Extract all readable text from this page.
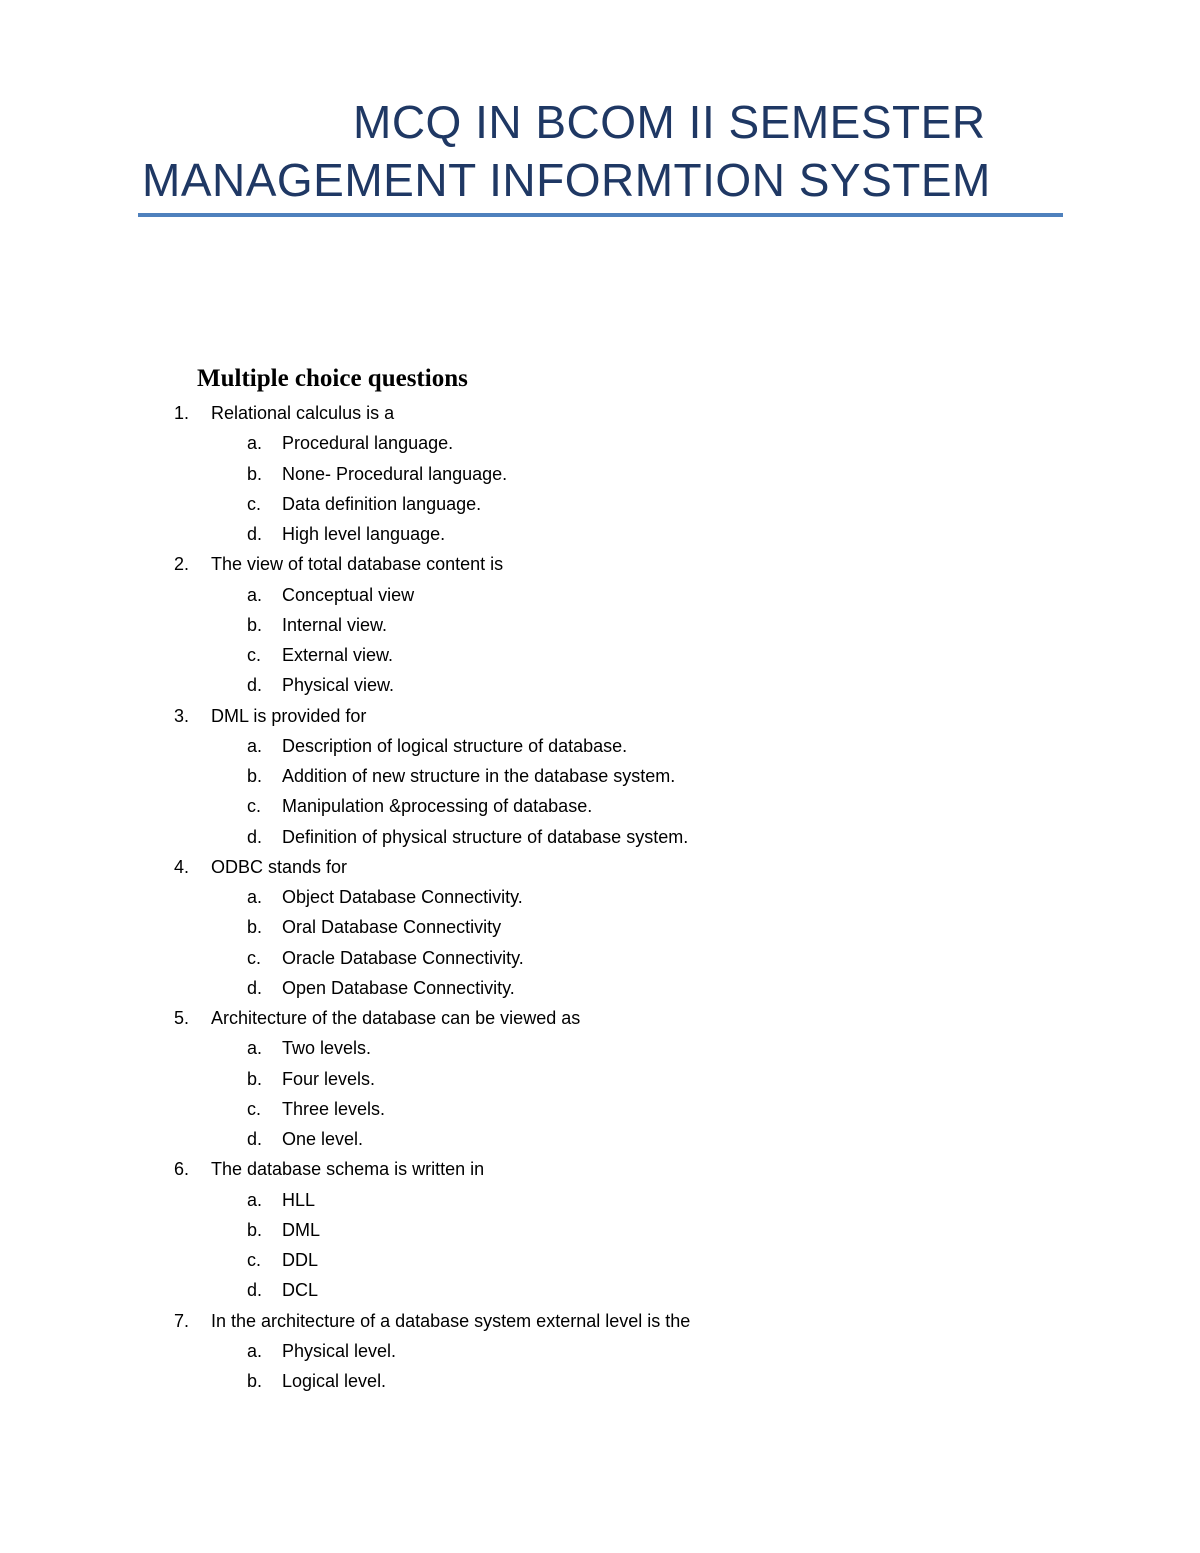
MCQ IN BCOM II SEMESTER
MANAGEMENT INFORMTION SYSTEM
Multiple choice questions
1. Relational calculus is a
a. Procedural language.
b. None- Procedural language.
c. Data definition language.
d. High level language.
2. The view of total database content is
a. Conceptual view
b. Internal view.
c. External view.
d. Physical view.
3. DML is provided for
a. Description of logical structure of database.
b. Addition of new structure in the database system.
c. Manipulation &processing of database.
d. Definition of physical structure of database system.
4. ODBC stands for
a. Object Database Connectivity.
b. Oral Database Connectivity
c. Oracle Database Connectivity.
d. Open Database Connectivity.
5. Architecture of the database can be viewed as
a. Two levels.
b. Four levels.
c. Three levels.
d. One level.
6. The database schema is written in
a. HLL
b. DML
c. DDL
d. DCL
7. In the architecture of a database system external level is the
a. Physical level.
b. Logical level.
